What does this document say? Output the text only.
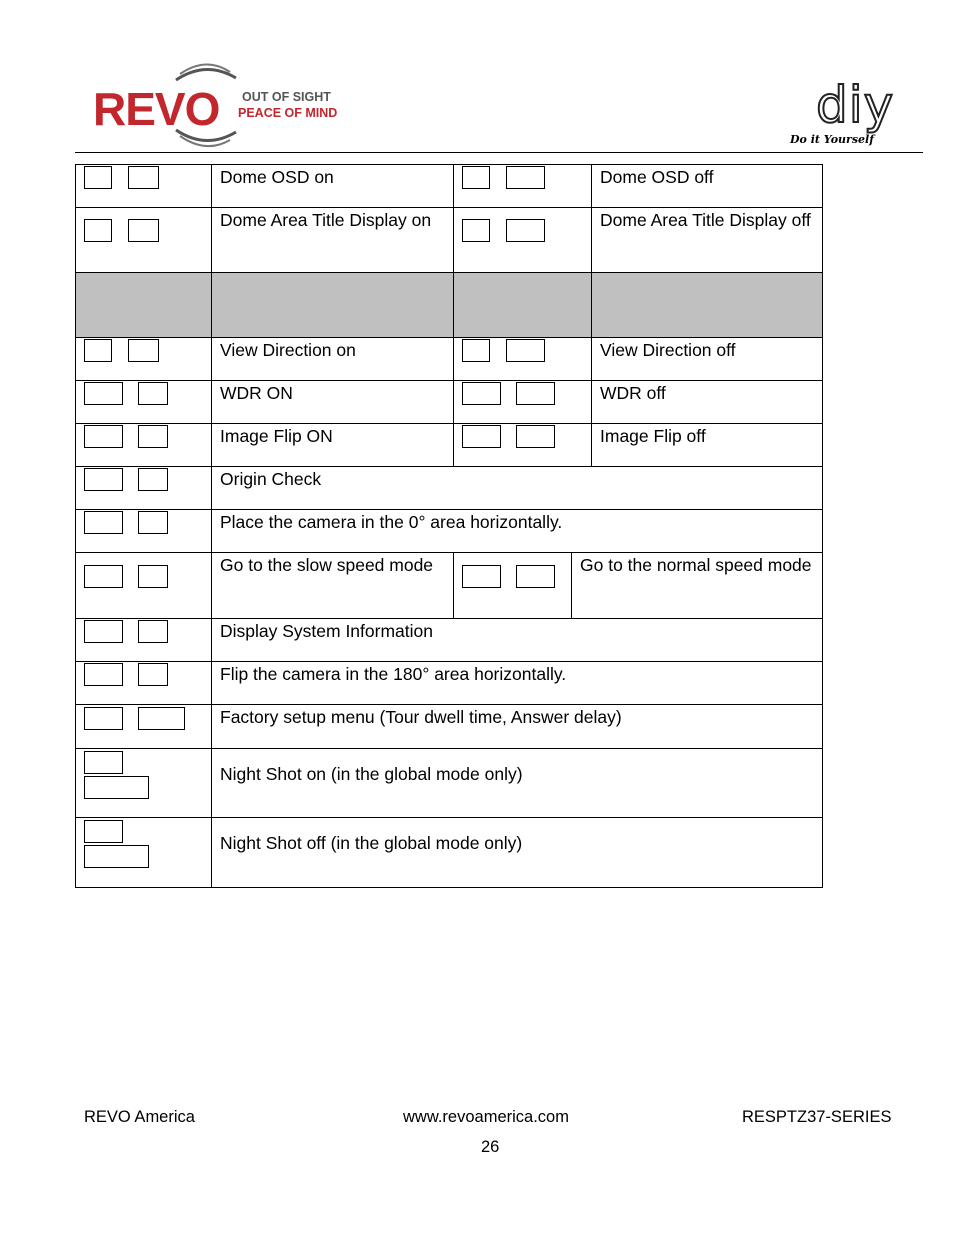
REVO OUT OF SIGHT
PEACE OF MIND	diy
Do it Yourself
	Dome OSD on			Dome OSD off

	Dome Area Title Display on			Dome Area Title Display off

	View Direction on			View Direction off

	WDR ON			WDR off

	Image Flip ON			Image Flip off

	Origin Check			

	Place the camera in the 0° area horizontally.			

	Go to the slow speed mode		Go to the normal speed mode	

	Display System Information			

	Flip the camera in the 180° area horizontally.			

	Factory setup menu (Tour dwell time, Answer delay)			

	Night Shot on (in the global mode only)			

	Night Shot off (in the global mode only)			
REVO America	www.revoamerica.com	RESPTZ37-SERIES
26
